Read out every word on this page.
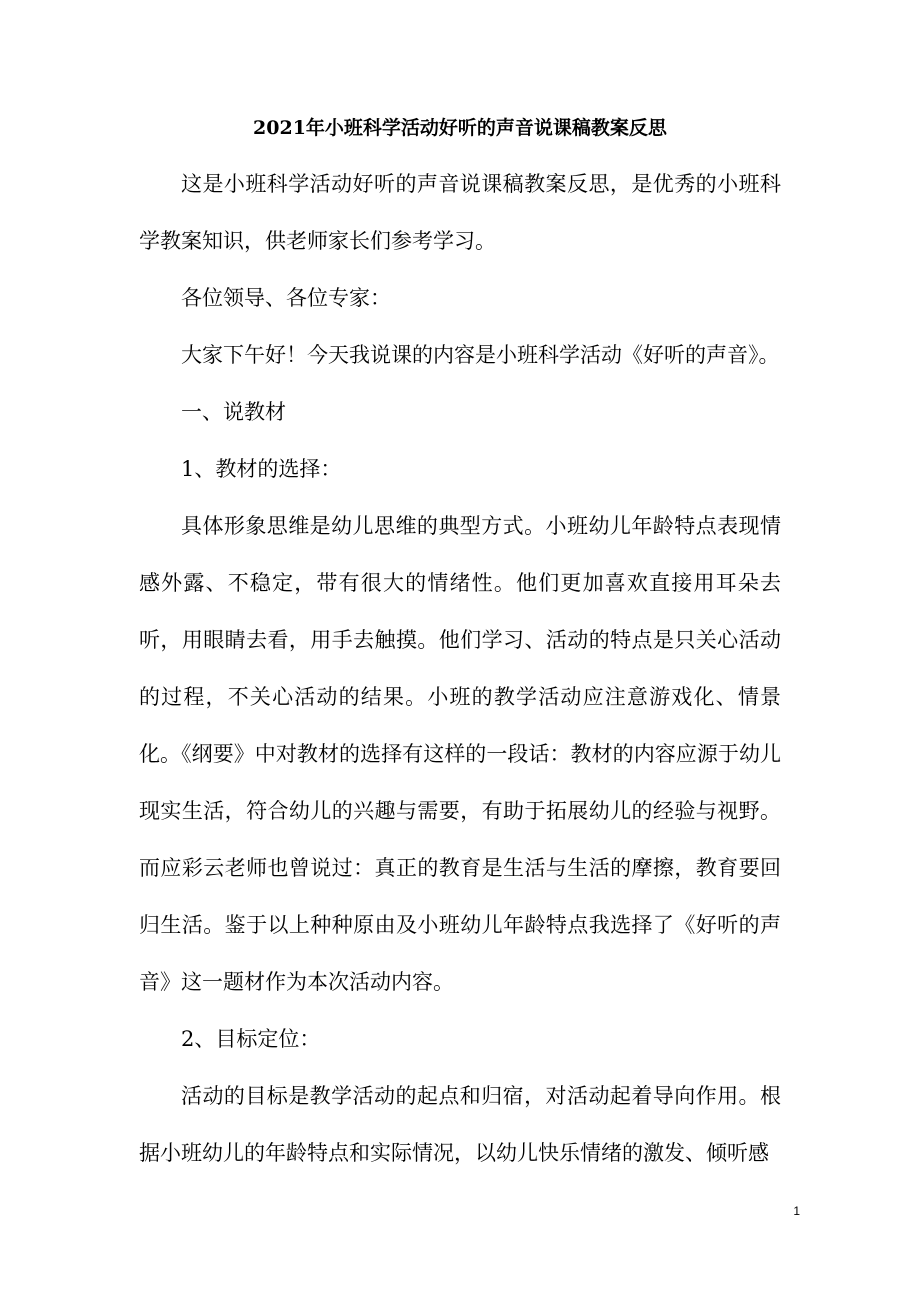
2021年小班科学活动好听的声音说课稿教案反思

这是小班科学活动好听的声音说课稿教案反思，是优秀的小班科学教案知识，供老师家长们参考学习。

各位领导、各位专家：

大家下午好！今天我说课的内容是小班科学活动《好听的声音》。

一、说教材

1、教材的选择：

具体形象思维是幼儿思维的典型方式。小班幼儿年龄特点表现情感外露、不稳定，带有很大的情绪性。他们更加喜欢直接用耳朵去听，用眼睛去看，用手去触摸。他们学习、活动的特点是只关心活动的过程，不关心活动的结果。小班的教学活动应注意游戏化、情景化。《纲要》中对教材的选择有这样的一段话：教材的内容应源于幼儿现实生活，符合幼儿的兴趣与需要，有助于拓展幼儿的经验与视野。而应彩云老师也曾说过：真正的教育是生活与生活的摩擦，教育要回归生活。鉴于以上种种原由及小班幼儿年龄特点我选择了《好听的声音》这一题材作为本次活动内容。

2、目标定位：

活动的目标是教学活动的起点和归宿，对活动起着导向作用。根据小班幼儿的年龄特点和实际情况，以幼儿快乐情绪的激发、倾听感

1
